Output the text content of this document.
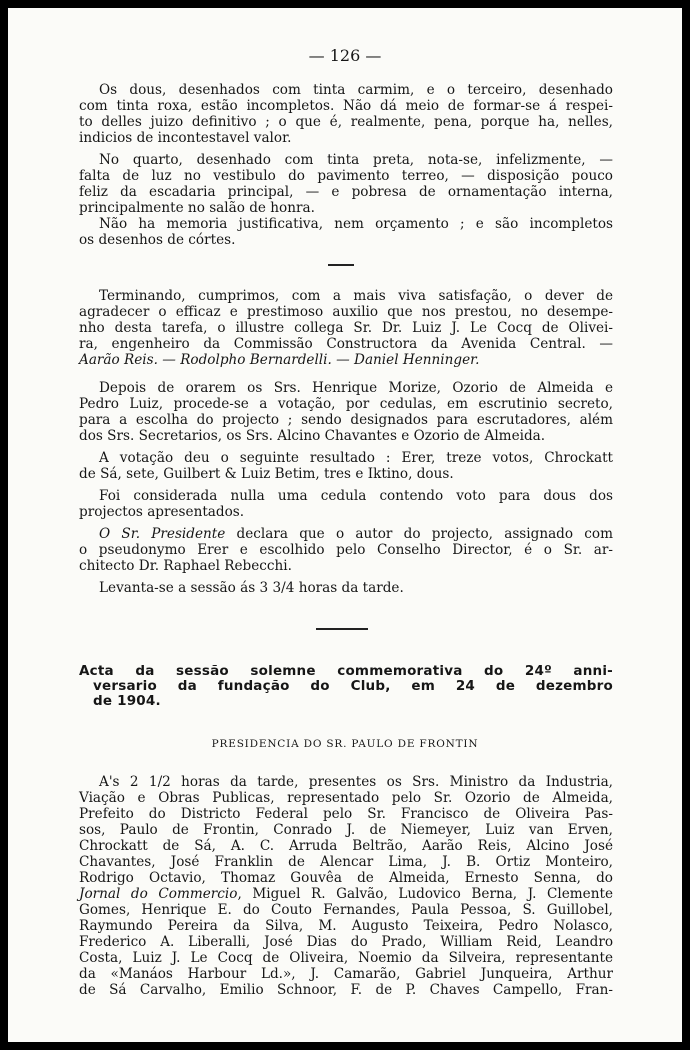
— 126 —
Os dous, desenhados com tinta carmim, e o terceiro, desenhado
com tinta roxa, estão incompletos. Não dá meio de formar-se á respei-
to delles juizo definitivo ; o que é, realmente, pena, porque ha, nelles,
indicios de incontestavel valor.
No quarto, desenhado com tinta preta, nota-se, infelizmente, —
falta de luz no vestibulo do pavimento terreo, — disposição pouco
feliz da escadaria principal, — e pobresa de ornamentação interna,
principalmente no salão de honra.
Não ha memoria justificativa, nem orçamento ; e são incompletos
os desenhos de córtes.
Terminando, cumprimos, com a mais viva satisfação, o dever de
agradecer o efficaz e prestimoso auxilio que nos prestou, no desempe-
nho desta tarefa, o illustre collega Sr. Dr. Luiz J. Le Cocq de Olivei-
ra, engenheiro da Commissão Constructora da Avenida Central. —
Aarão Reis. — Rodolpho Bernardelli. — Daniel Henninger.
Depois de orarem os Srs. Henrique Morize, Ozorio de Almeida e
Pedro Luiz, procede-se a votação, por cedulas, em escrutinio secreto,
para a escolha do projecto ; sendo designados para escrutadores, além
dos Srs. Secretarios, os Srs. Alcino Chavantes e Ozorio de Almeida.
A votação deu o seguinte resultado : Erer, treze votos, Chrockatt
de Sá, sete, Guilbert & Luiz Betim, tres e Iktino, dous.
Foi considerada nulla uma cedula contendo voto para dous dos
projectos apresentados.
O Sr. Presidente declara que o autor do projecto, assignado com
o pseudonymo Erer e escolhido pelo Conselho Director, é o Sr. ar-
chitecto Dr. Raphael Rebecchi.
Levanta-se a sessão ás 3 3/4 horas da tarde.
Acta da sessão solemne commemorativa do 24º anni-
versario da fundação do Club, em 24 de dezembro
de 1904.
PRESIDENCIA DO SR. PAULO DE FRONTIN
A's 2 1/2 horas da tarde, presentes os Srs. Ministro da Industria,
Viação e Obras Publicas, representado pelo Sr. Ozorio de Almeida,
Prefeito do Districto Federal pelo Sr. Francisco de Oliveira Pas-
sos, Paulo de Frontin, Conrado J. de Niemeyer, Luiz van Erven,
Chrockatt de Sá, A. C. Arruda Beltrão, Aarão Reis, Alcino José
Chavantes, José Franklin de Alencar Lima, J. B. Ortiz Monteiro,
Rodrigo Octavio, Thomaz Gouvêa de Almeida, Ernesto Senna, do
Jornal do Commercio, Miguel R. Galvão, Ludovico Berna, J. Clemente
Gomes, Henrique E. do Couto Fernandes, Paula Pessoa, S. Guillobel,
Raymundo Pereira da Silva, M. Augusto Teixeira, Pedro Nolasco,
Frederico A. Liberalli, José Dias do Prado, William Reid, Leandro
Costa, Luiz J. Le Cocq de Oliveira, Noemio da Silveira, representante
da «Manáos Harbour Ld.», J. Camarão, Gabriel Junqueira, Arthur
de Sá Carvalho, Emilio Schnoor, F. de P. Chaves Campello, Fran-
